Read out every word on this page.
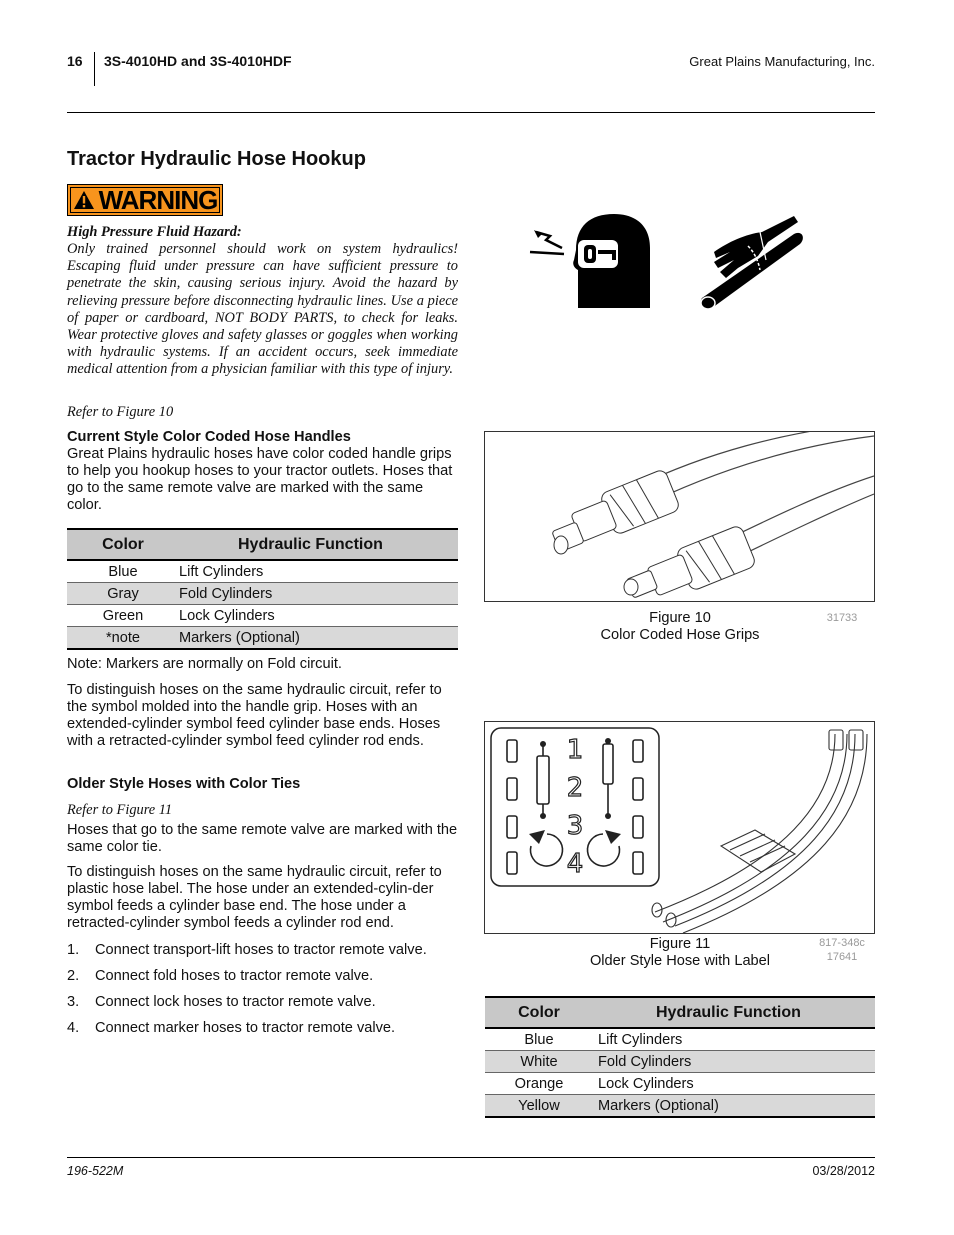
16 3S-4010HD and 3S-4010HDF	Great Plains Manufacturing, Inc.
Tractor Hydraulic Hose Hookup
WARNING
High Pressure Fluid Hazard:
Only trained personnel should work on system hydraulics! Escaping fluid under pressure can have sufficient pressure to penetrate the skin, causing serious injury. Avoid the hazard by relieving pressure before disconnecting hydraulic lines. Use a piece of paper or cardboard, NOT BODY PARTS, to check for leaks. Wear protective gloves and safety glasses or goggles when working with hydraulic systems. If an accident occurs, seek immediate medical attention from a physician familiar with this type of injury.
Refer to Figure 10
Current Style Color Coded Hose Handles
Great Plains hydraulic hoses have color coded handle grips to help you hookup hoses to your tractor outlets. Hoses that go to the same remote valve are marked with the same color.
Color	Hydraulic Function
Blue	Lift Cylinders
Gray	Fold Cylinders
Green	Lock Cylinders
*note	Markers (Optional)
Note: Markers are normally on Fold circuit.
To distinguish hoses on the same hydraulic circuit, refer to the symbol molded into the handle grip. Hoses with an extended-cylinder symbol feed cylinder base ends. Hoses with a retracted-cylinder symbol feed cylinder rod ends.
Older Style Hoses with Color Ties
Refer to Figure 11
Hoses that go to the same remote valve are marked with the same color tie.
To distinguish hoses on the same hydraulic circuit, refer to plastic hose label. The hose under an extended-cylin-der symbol feeds a cylinder base end. The hose under a retracted-cylinder symbol feeds a cylinder rod end.
1.	Connect transport-lift hoses to tractor remote valve.
2.	Connect fold hoses to tractor remote valve.
3.	Connect lock hoses to tractor remote valve.
4.	Connect marker hoses to tractor remote valve.
Figure 10
Color Coded Hose Grips
31733
1
2
3
4
Figure 11
Older Style Hose with Label
817-348c
17641
Color	Hydraulic Function
Blue	Lift Cylinders
White	Fold Cylinders
Orange	Lock Cylinders
Yellow	Markers (Optional)
196-522M	03/28/2012
